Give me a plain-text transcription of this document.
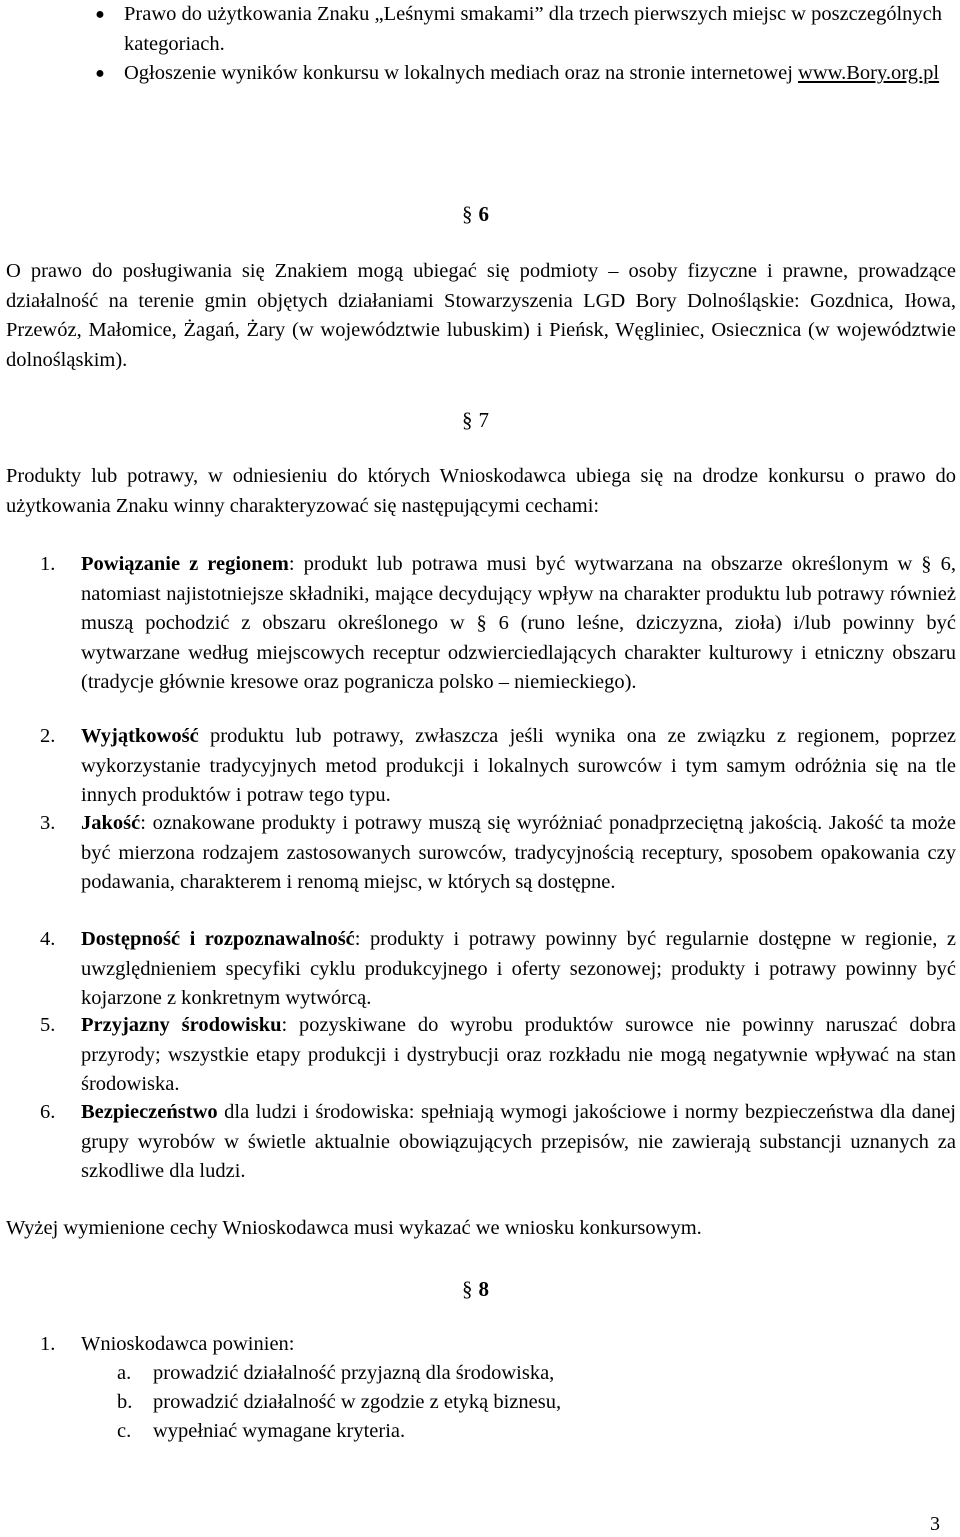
● Prawo do użytkowania Znaku „Leśnymi smakami” dla trzech pierwszych miejsc w poszczególnych kategoriach.
● Ogłoszenie wyników konkursu w lokalnych mediach oraz na stronie internetowej www.Bory.org.pl
§ 6

O prawo do posługiwania się Znakiem mogą ubiegać się podmioty – osoby fizyczne i prawne, prowadzące działalność na terenie gmin objętych działaniami Stowarzyszenia LGD Bory Dolnośląskie: Gozdnica, Iłowa, Przewóz, Małomice, Żagań, Żary (w województwie lubuskim) i Pieńsk, Węgliniec, Osiecznica (w województwie dolnośląskim).

§ 7

Produkty lub potrawy, w odniesieniu do których Wnioskodawca ubiega się na drodze konkursu o prawo do użytkowania Znaku winny charakteryzować się następującymi cechami:

1.	Powiązanie z regionem: produkt lub potrawa musi być wytwarzana na obszarze określonym w § 6, natomiast najistotniejsze składniki, mające decydujący wpływ na charakter produktu lub potrawy również muszą pochodzić z obszaru określonego w § 6 (runo leśne, dziczyzna, zioła) i/lub powinny być wytwarzane według miejscowych receptur odzwierciedlających charakter kulturowy i etniczny obszaru (tradycje głównie kresowe oraz pogranicza polsko – niemieckiego).
2.	Wyjątkowość produktu lub potrawy, zwłaszcza jeśli wynika ona ze związku z regionem, poprzez wykorzystanie tradycyjnych metod produkcji i lokalnych surowców i tym samym odróżnia się na tle innych produktów i potraw tego typu.
3.	Jakość: oznakowane produkty i potrawy muszą się wyróżniać ponadprzeciętną jakością. Jakość ta może być mierzona rodzajem zastosowanych surowców, tradycyjnością receptury, sposobem opakowania czy podawania, charakterem i renomą miejsc, w których są dostępne.
4.	Dostępność i rozpoznawalność: produkty i potrawy powinny być regularnie dostępne w regionie, z uwzględnieniem specyfiki cyklu produkcyjnego i oferty sezonowej; produkty i potrawy powinny być kojarzone z konkretnym wytwórcą.
5.	Przyjazny środowisku: pozyskiwane do wyrobu produktów surowce nie powinny naruszać dobra przyrody; wszystkie etapy produkcji i dystrybucji oraz rozkładu nie mogą negatywnie wpływać na stan środowiska.
6.	Bezpieczeństwo dla ludzi i środowiska: spełniają wymogi jakościowe i normy bezpieczeństwa dla danej grupy wyrobów w świetle aktualnie obowiązujących przepisów, nie zawierają substancji uznanych za szkodliwe dla ludzi.

Wyżej wymienione cechy Wnioskodawca musi wykazać we wniosku konkursowym.

§ 8
1.	Wnioskodawca powinien:
a.	prowadzić działalność przyjazną dla środowiska,
b.	prowadzić działalność w zgodzie z etyką biznesu,
c.	wypełniać wymagane kryteria.
3
